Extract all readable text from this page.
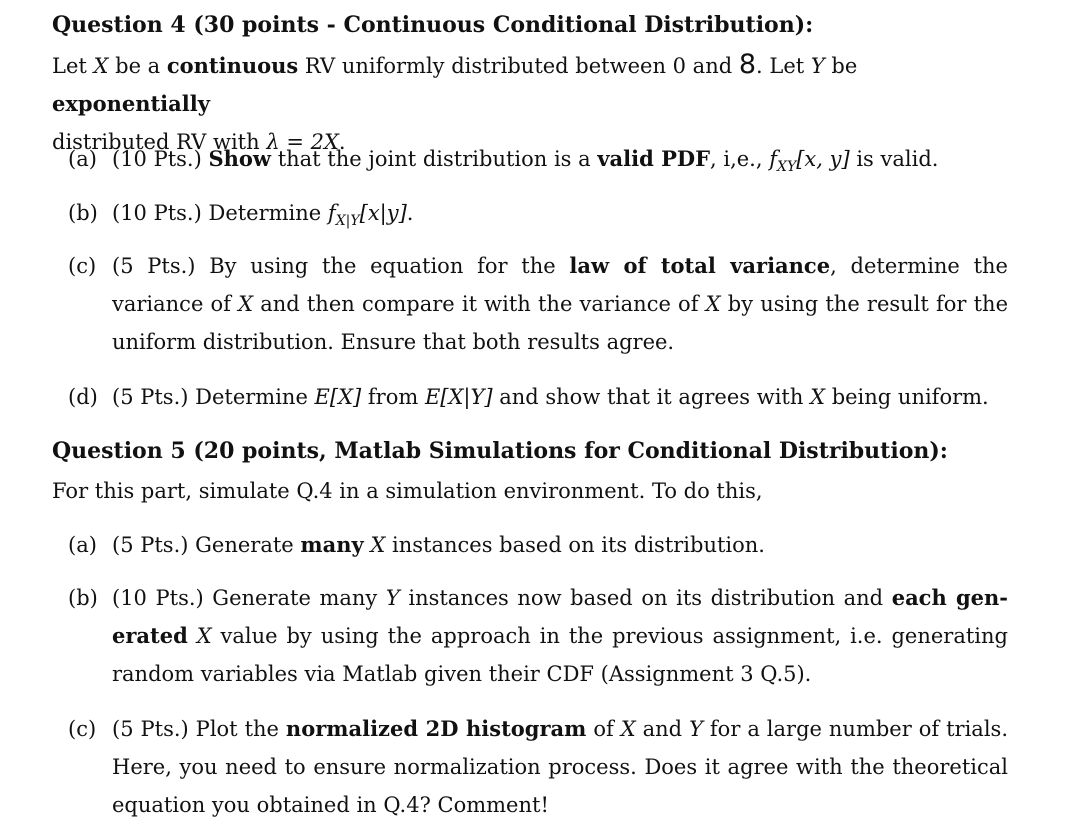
Question 4 (30 points - Continuous Conditional Distribution):
Let X be a continuous RV uniformly distributed between 0 and 8. Let Y be exponentially
distributed RV with λ = 2X.
(a) (10 Pts.) Show that the joint distribution is a valid PDF, i,e., $f_{XY}[x$, y] is valid.
(b) (10 Pts.) Determine $f_{X|Y}[x|y]$.
(c) (5 Pts.) By using the equation for the law of total variance, determine the variance of X and then compare it with the variance of X by using the result for the uniform distribution. Ensure that both results agree.
(d) (5 Pts.) Determine E[X] from E[X|Y] and show that it agrees with X being uniform.
Question 5 (20 points, Matlab Simulations for Conditional Distribution):
For this part, simulate Q.4 in a simulation environment. To do this,
(a) (5 Pts.) Generate many X instances based on its distribution.
(b) (10 Pts.) Generate many Y instances now based on its distribution and each gen-erated X value by using the approach in the previous assignment, i.e. generating random variables via Matlab given their CDF (Assignment 3 Q.5).
(c) (5 Pts.) Plot the normalized 2D histogram of X and Y for a large number of trials. Here, you need to ensure normalization process. Does it agree with the theoretical equation you obtained in Q.4? Comment!
